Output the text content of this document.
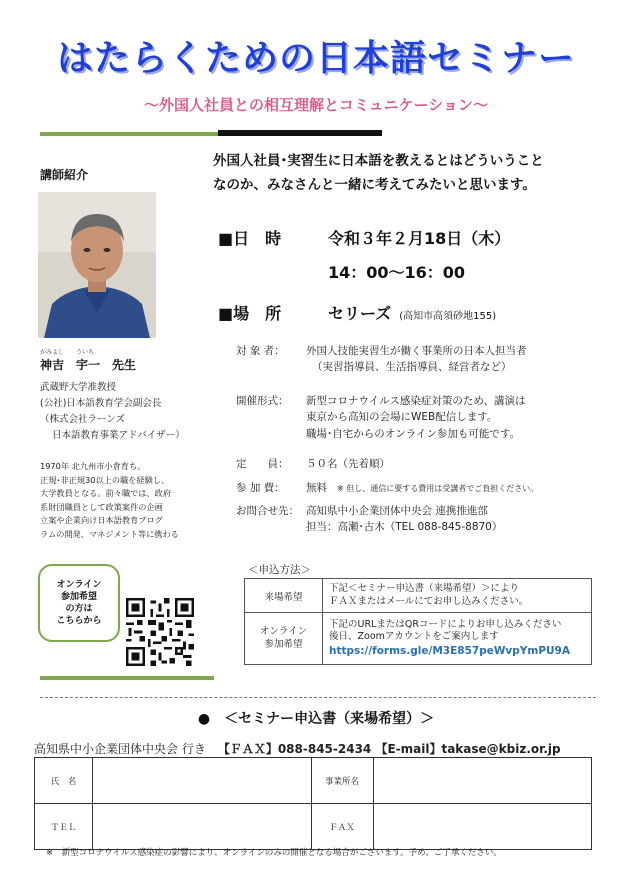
はたらくための日本語セミナー
～外国人社員との相互理解とコミュニケーション～
講師紹介
かみよし　　ういち
神吉　宇一　先生
武蔵野大学准教授
(公社)日本語教育学会副会長
（株式会社ラーンズ
日本語教育事業アドバイザー）
1970年 北九州市小倉育ち。
正規･非正規30以上の職を経験し、
大学教員となる。前々職では、政府
系財団職員として政策案件の企画
立案や企業向け日本語教育プログ
ラムの開発、マネジメント等に携わる
オンライン
参加希望
の方は
こちらから
外国人社員･実習生に日本語を教えるとはどういうこと
なのか、みなさんと一緒に考えてみたいと思います。
■日　時	令和３年２月18日（木）
14：00～16：00
■場　所	セリーズ (高知市高須砂地155)
対 象 者：	外国人技能実習生が働く事業所の日本人担当者
（実習指導員、生活指導員、経営者など）
開催形式：	新型コロナウイルス感染症対策のため、講演は
東京から高知の会場にWEB配信します。
職場･自宅からのオンライン参加も可能です。
定　　員：	５０名（先着順）
参 加 費：	無料 ※ 但し、通信に要する費用は受講者でご負担ください。
お問合せ先： 高知県中小企業団体中央会 連携推進部
担当：高瀬･古木（TEL 088-845-8870）
＜申込方法＞
来場希望	下記＜セミナー申込書（来場希望）＞により
ＦＡＸまたはメールにてお申し込みください。

オンライン
参加希望	下記のURLまたはQRコードによりお申し込みください
後日、Zoomアカウントをご案内します
https://forms.gle/M3E857peWvpYmPU9A
● ＜セミナー申込書（来場希望）＞
高知県中小企業団体中央会 行き 【ＦＡＸ】088-845-2434 【E-mail】takase@kbiz.or.jp
氏　名		事業所名	
ＴＥＬ		ＦＡＸ	
※　新型コロナウイルス感染症の影響により、オンラインのみの開催となる場合がございます。予め、ご了承ください。
